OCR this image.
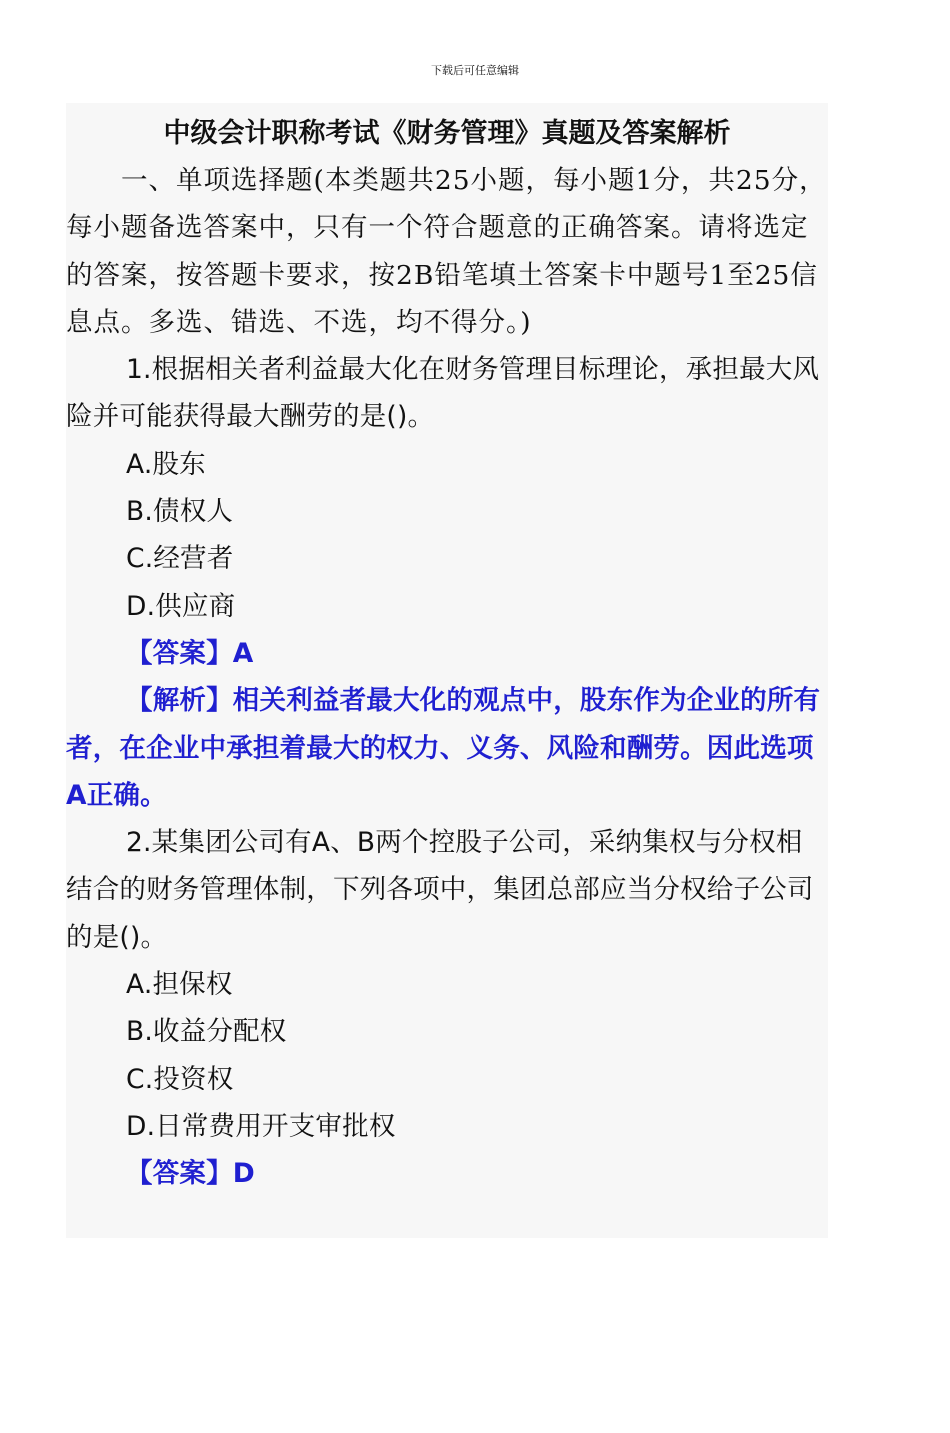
下载后可任意编辑
中级会计职称考试《财务管理》真题及答案解析

一、单项选择题(本类题共25小题，每小题1分，共25分，每小题备选答案中，只有一个符合题意的正确答案。请将选定的答案，按答题卡要求，按2B铅笔填土答案卡中题号1至25信息点。多选、错选、不选，均不得分。)

1.根据相关者利益最大化在财务管理目标理论，承担最大风险并可能获得最大酬劳的是()。

A.股东

B.债权人

C.经营者

D.供应商

【答案】A

【解析】相关利益者最大化的观点中，股东作为企业的所有者，在企业中承担着最大的权力、义务、风险和酬劳。因此选项A正确。

2.某集团公司有A、B两个控股子公司，采纳集权与分权相结合的财务管理体制，下列各项中，集团总部应当分权给子公司的是()。

A.担保权

B.收益分配权

C.投资权

D.日常费用开支审批权

【答案】D
